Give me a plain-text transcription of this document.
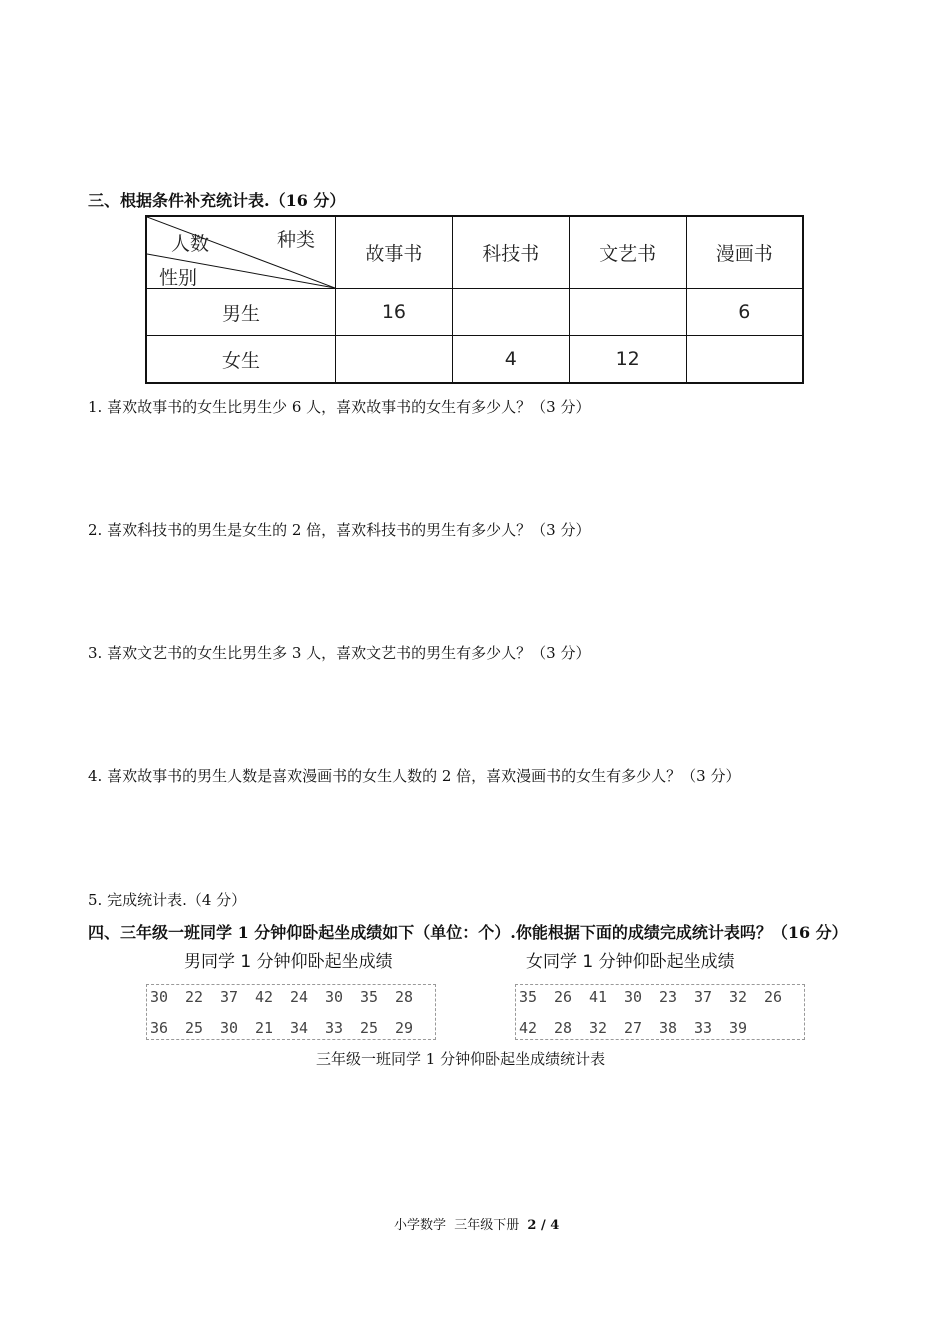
三、根据条件补充统计表.（16 分）
种类
人数
性别	故事书	科技书	文艺书	漫画书
男生	16			6
女生		4	12	
1. 喜欢故事书的女生比男生少 6 人，喜欢故事书的女生有多少人？（3 分）
2. 喜欢科技书的男生是女生的 2 倍，喜欢科技书的男生有多少人？（3 分）
3. 喜欢文艺书的女生比男生多 3 人，喜欢文艺书的男生有多少人？（3 分）
4. 喜欢故事书的男生人数是喜欢漫画书的女生人数的 2 倍，喜欢漫画书的女生有多少人？（3 分）
5. 完成统计表.（4 分）
四、三年级一班同学 1 分钟仰卧起坐成绩如下（单位：个）.你能根据下面的成绩完成统计表吗？（16 分）
男同学 1 分钟仰卧起坐成绩
30 22 37 42 24 30 35 28
36 25 30 21 34 33 25 29
女同学 1 分钟仰卧起坐成绩
35 26 41 30 23 37 32 26
42 28 32 27 38 33 39
三年级一班同学 1 分钟仰卧起坐成绩统计表
小学数学  三年级下册 2 / 4
